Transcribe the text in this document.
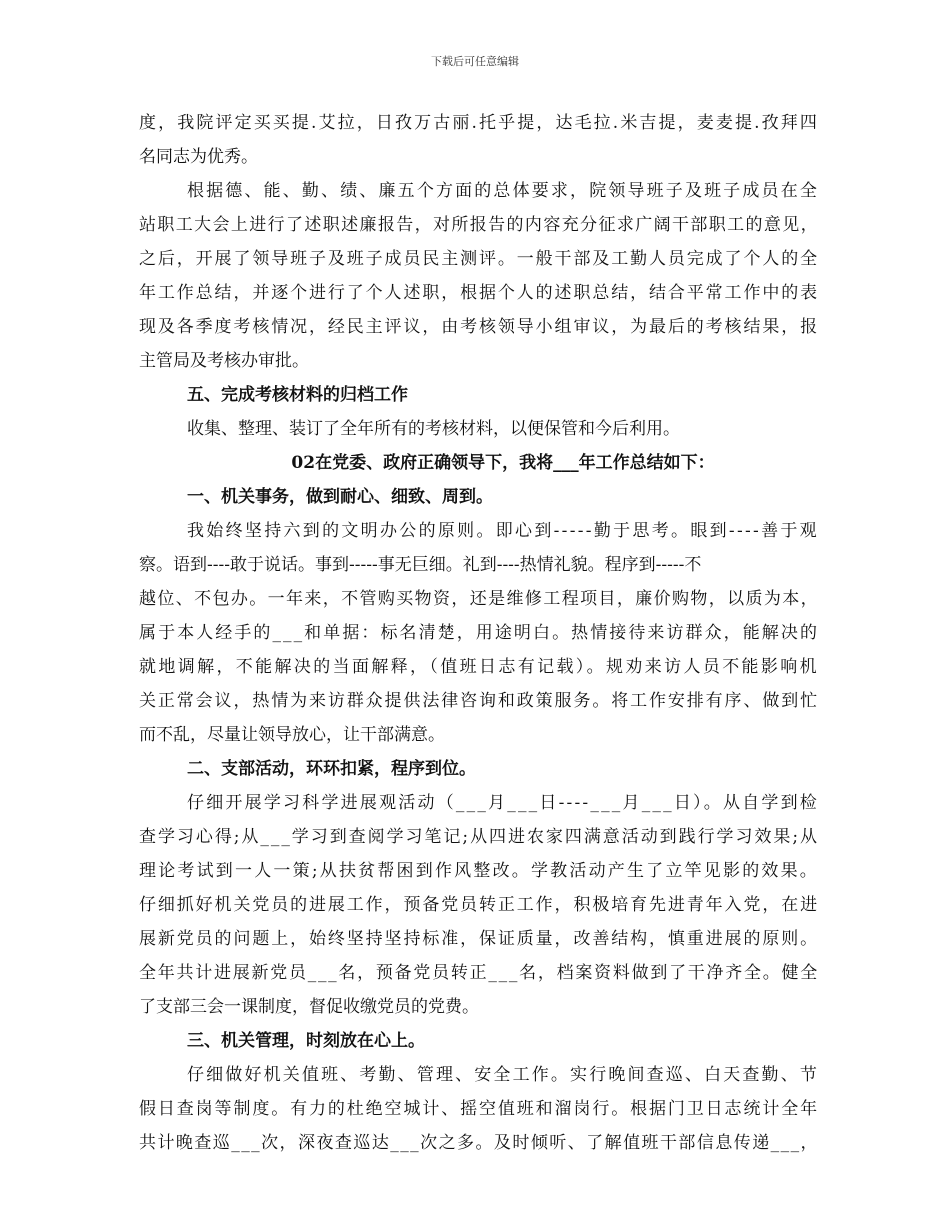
下载后可任意编辑
度，我院评定买买提.艾拉，日孜万古丽.托乎提，达毛拉.米吉提，麦麦提.孜拜四
名同志为优秀。
根据德、能、勤、绩、廉五个方面的总体要求，院领导班子及班子成员在全
站职工大会上进行了述职述廉报告，对所报告的内容充分征求广阔干部职工的意见，
之后，开展了领导班子及班子成员民主测评。一般干部及工勤人员完成了个人的全
年工作总结，并逐个进行了个人述职，根据个人的述职总结，结合平常工作中的表
现及各季度考核情况，经民主评议，由考核领导小组审议，为最后的考核结果，报
主管局及考核办审批。
五、完成考核材料的归档工作
收集、整理、装订了全年所有的考核材料，以便保管和今后利用。
02在党委、政府正确领导下，我将___年工作总结如下：
一、机关事务，做到耐心、细致、周到。
我始终坚持六到的文明办公的原则。即心到-----勤于思考。眼到----善于观
察。语到----敢于说话。事到-----事无巨细。礼到----热情礼貌。程序到-----不
越位、不包办。一年来，不管购买物资，还是维修工程项目，廉价购物，以质为本，
属于本人经手的___和单据：标名清楚，用途明白。热情接待来访群众，能解决的
就地调解，不能解决的当面解释，（值班日志有记载）。规劝来访人员不能影响机
关正常会议，热情为来访群众提供法律咨询和政策服务。将工作安排有序、做到忙
而不乱，尽量让领导放心，让干部满意。
二、支部活动，环环扣紧，程序到位。
仔细开展学习科学进展观活动（___月___日----___月___日）。从自学到检
查学习心得;从___学习到查阅学习笔记;从四进农家四满意活动到践行学习效果;从
理论考试到一人一策;从扶贫帮困到作风整改。学教活动产生了立竿见影的效果。
仔细抓好机关党员的进展工作，预备党员转正工作，积极培育先进青年入党，在进
展新党员的问题上，始终坚持坚持标准，保证质量，改善结构，慎重进展的原则。
全年共计进展新党员___名，预备党员转正___名，档案资料做到了干净齐全。健全
了支部三会一课制度，督促收缴党员的党费。
三、机关管理，时刻放在心上。
仔细做好机关值班、考勤、管理、安全工作。实行晚间查巡、白天查勤、节
假日查岗等制度。有力的杜绝空城计、摇空值班和溜岗行。根据门卫日志统计全年
共计晚查巡___次，深夜查巡达___次之多。及时倾听、了解值班干部信息传递___，
